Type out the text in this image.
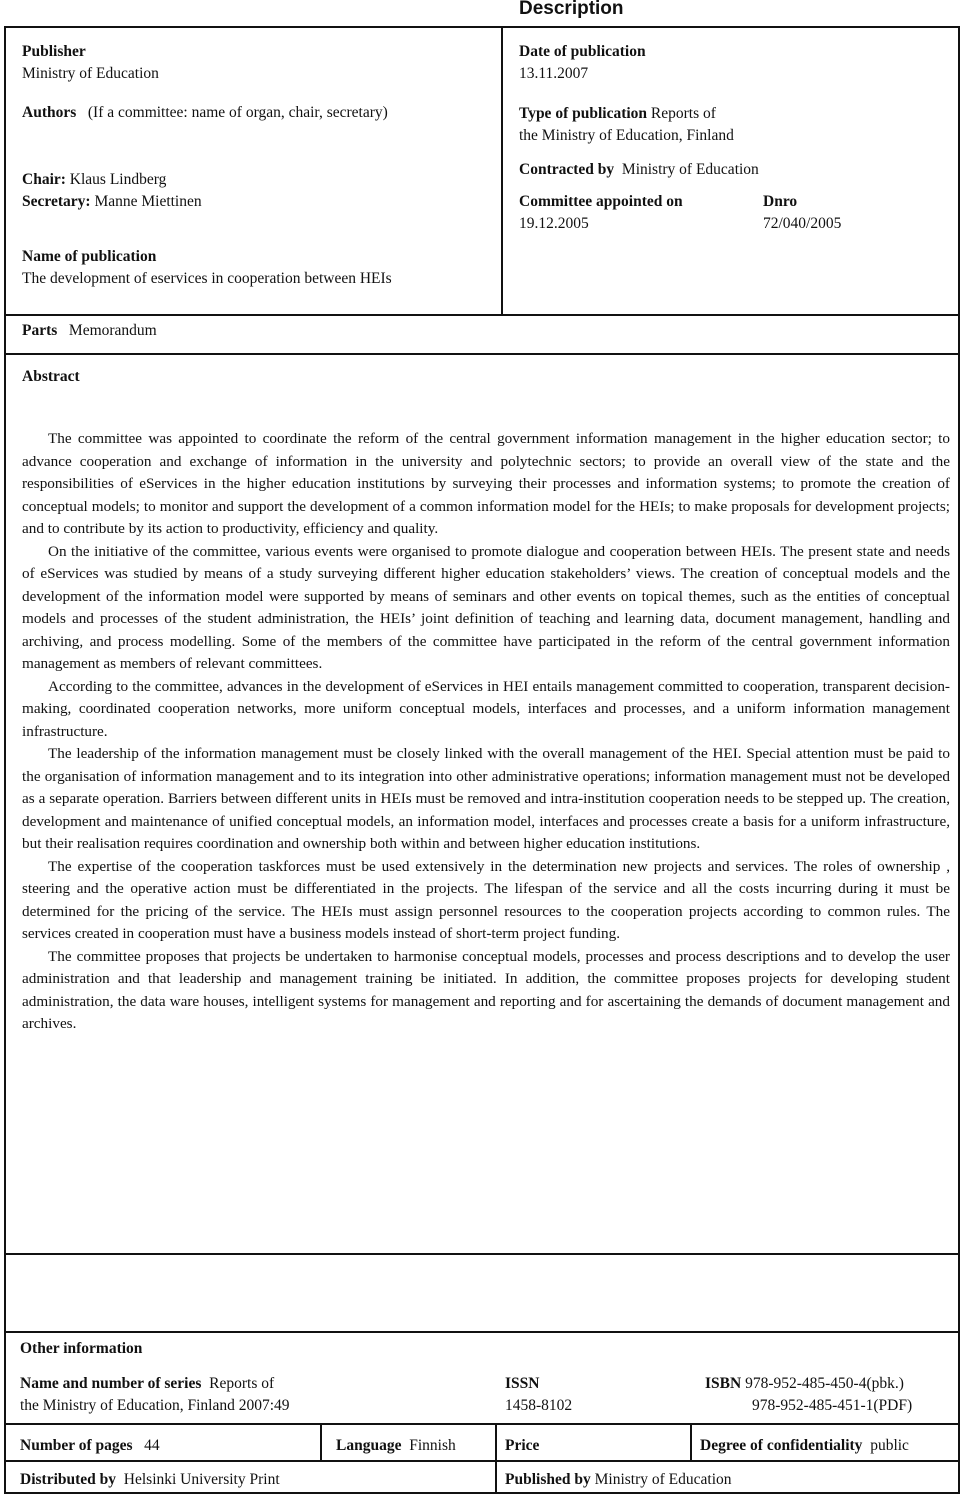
Description
Publisher
Ministry of Education
Authors (If a committee: name of organ, chair, secretary)
Chair: Klaus Lindberg
Secretary: Manne Miettinen
Name of publication
The development of eservices in cooperation between HEIs
Date of publication
13.11.2007
Type of publication Reports of
the Ministry of Education, Finland
Contracted by Ministry of Education
Committee appointed on
19.12.2005
Dnro
72/040/2005
Parts Memorandum
Abstract

The committee was appointed to coordinate the reform of the central government information management in the higher education sector; to advance cooperation and exchange of information in the university and polytechnic sectors; to provide an overall view of the state and the responsibilities of eServices in the higher education institutions by surveying their processes and information systems; to promote the creation of conceptual models; to monitor and support the development of a common information model for the HEIs; to make proposals for development projects; and to contribute by its action to productivity, efficiency and quality.

On the initiative of the committee, various events were organised to promote dialogue and cooperation between HEIs. The present state and needs of eServices was studied by means of a study surveying different higher education stakeholders’ views. The creation of conceptual models and the development of the information model were supported by means of seminars and other events on topical themes, such as the entities of conceptual models and processes of the student administration, the HEIs’ joint definition of teaching and learning data, document management, handling and archiving, and process modelling. Some of the members of the committee have participated in the reform of the central government information management as members of relevant committees.

According to the committee, advances in the development of eServices in HEI entails management committed to cooperation, transparent decision-making, coordinated cooperation networks, more uniform conceptual models, interfaces and processes, and a uniform information management infrastructure.

The leadership of the information management must be closely linked with the overall management of the HEI. Special attention must be paid to the organisation of information management and to its integration into other administrative operations; information management must not be developed as a separate operation. Barriers between different units in HEIs must be removed and intra-institution cooperation needs to be stepped up. The creation, development and maintenance of unified conceptual models, an information model, interfaces and processes create a basis for a uniform infrastructure, but their realisation requires coordination and ownership both within and between higher education institutions.

The expertise of the cooperation taskforces must be used extensively in the determination new projects and services. The roles of ownership , steering and the operative action must be differentiated in the projects. The lifespan of the service and all the costs incurring during it must be determined for the pricing of the service. The HEIs must assign personnel resources to the cooperation projects according to common rules. The services created in cooperation must have a business models instead of short-term project funding.

The committee proposes that projects be undertaken to harmonise conceptual models, processes and process descriptions and to develop the user administration and that leadership and management training be initiated. In addition, the committee proposes projects for developing student administration, the data ware houses, intelligent systems for management and reporting and for ascertaining the demands of document management and archives.

Other information
Name and number of series Reports of
the Ministry of Education, Finland 2007:49
ISSN
1458-8102
ISBN 978-952-485-450-4(pbk.)
978-952-485-451-1(PDF)
Number of pages 44	Language Finnish	Price	Degree of confidentiality public
Distributed by Helsinki University Print	Published by Ministry of Education
